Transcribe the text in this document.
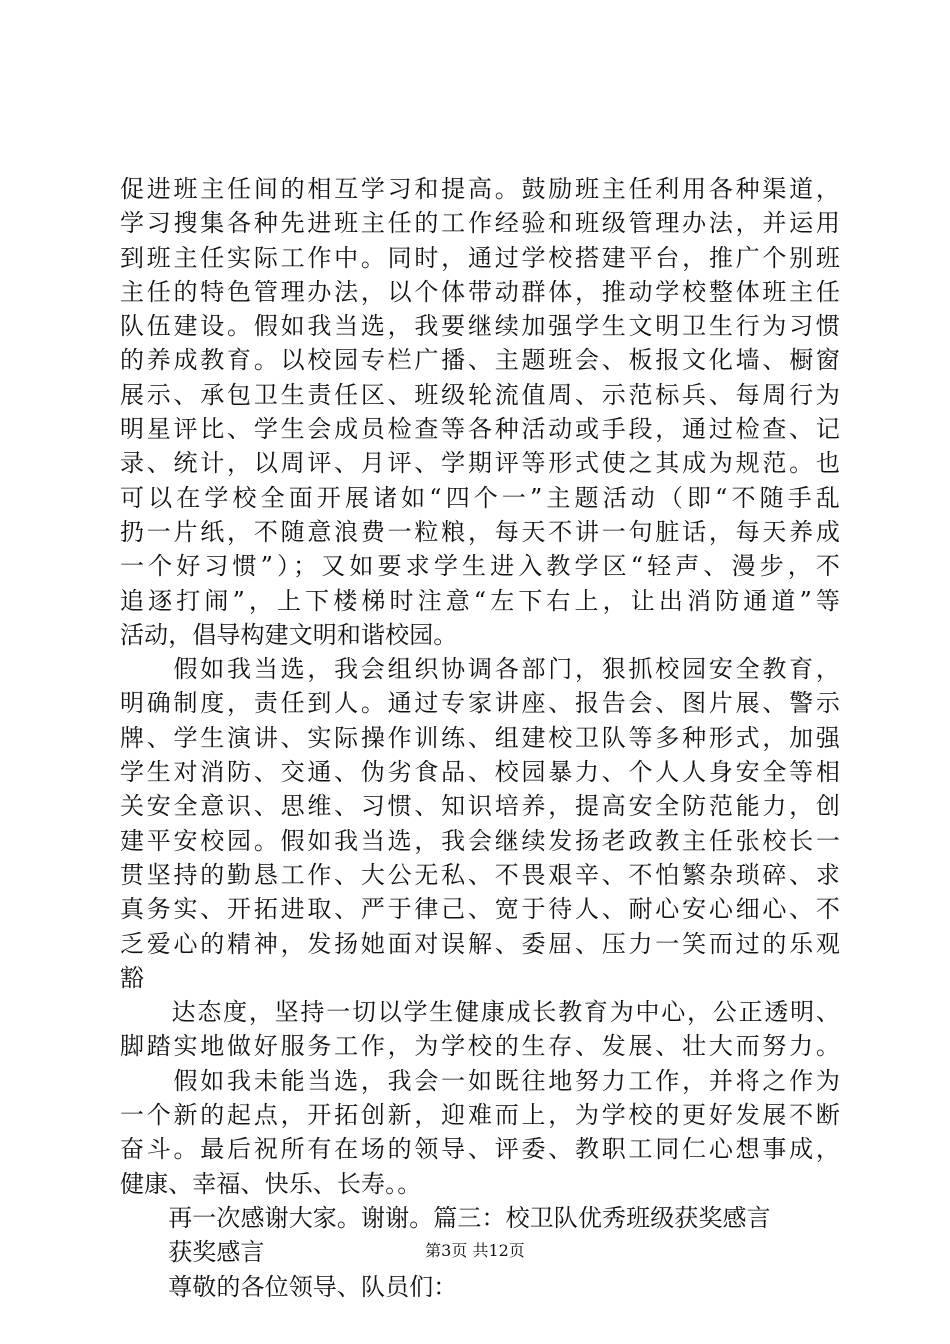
促进班主任间的相互学习和提高。鼓励班主任利用各种渠道，
学习搜集各种先进班主任的工作经验和班级管理办法，并运用
到班主任实际工作中。同时，通过学校搭建平台，推广个别班
主任的特色管理办法，以个体带动群体，推动学校整体班主任
队伍建设。假如我当选，我要继续加强学生文明卫生行为习惯
的养成教育。以校园专栏广播、主题班会、板报文化墙、橱窗
展示、承包卫生责任区、班级轮流值周、示范标兵、每周行为
明星评比、学生会成员检查等各种活动或手段，通过检查、记
录、统计，以周评、月评、学期评等形式使之其成为规范。也
可以在学校全面开展诸如“四个一”主题活动（即“不随手乱
扔一片纸，不随意浪费一粒粮，每天不讲一句脏话，每天养成
一个好习惯”）；又如要求学生进入教学区“轻声、漫步，不
追逐打闹”，上下楼梯时注意“左下右上，让出消防通道”等
活动，倡导构建文明和谐校园。
　　假如我当选，我会组织协调各部门，狠抓校园安全教育，
明确制度，责任到人。通过专家讲座、报告会、图片展、警示
牌、学生演讲、实际操作训练、组建校卫队等多种形式，加强
学生对消防、交通、伪劣食品、校园暴力、个人人身安全等相
关安全意识、思维、习惯、知识培养，提高安全防范能力，创
建平安校园。假如我当选，我会继续发扬老政教主任张校长一
贯坚持的勤恳工作、大公无私、不畏艰辛、不怕繁杂琐碎、求
真务实、开拓进取、严于律己、宽于待人、耐心安心细心、不
乏爱心的精神，发扬她面对误解、委屈、压力一笑而过的乐观
豁
　　达态度，坚持一切以学生健康成长教育为中心，公正透明、
脚踏实地做好服务工作，为学校的生存、发展、壮大而努力。
　　假如我未能当选，我会一如既往地努力工作，并将之作为
一个新的起点，开拓创新，迎难而上，为学校的更好发展不断
奋斗。最后祝所有在场的领导、评委、教职工同仁心想事成，
健康、幸福、快乐、长寿。。
　　再一次感谢大家。谢谢。篇三：校卫队优秀班级获奖感言
　　获奖感言
　　尊敬的各位领导、队员们：
第3页 共12页
